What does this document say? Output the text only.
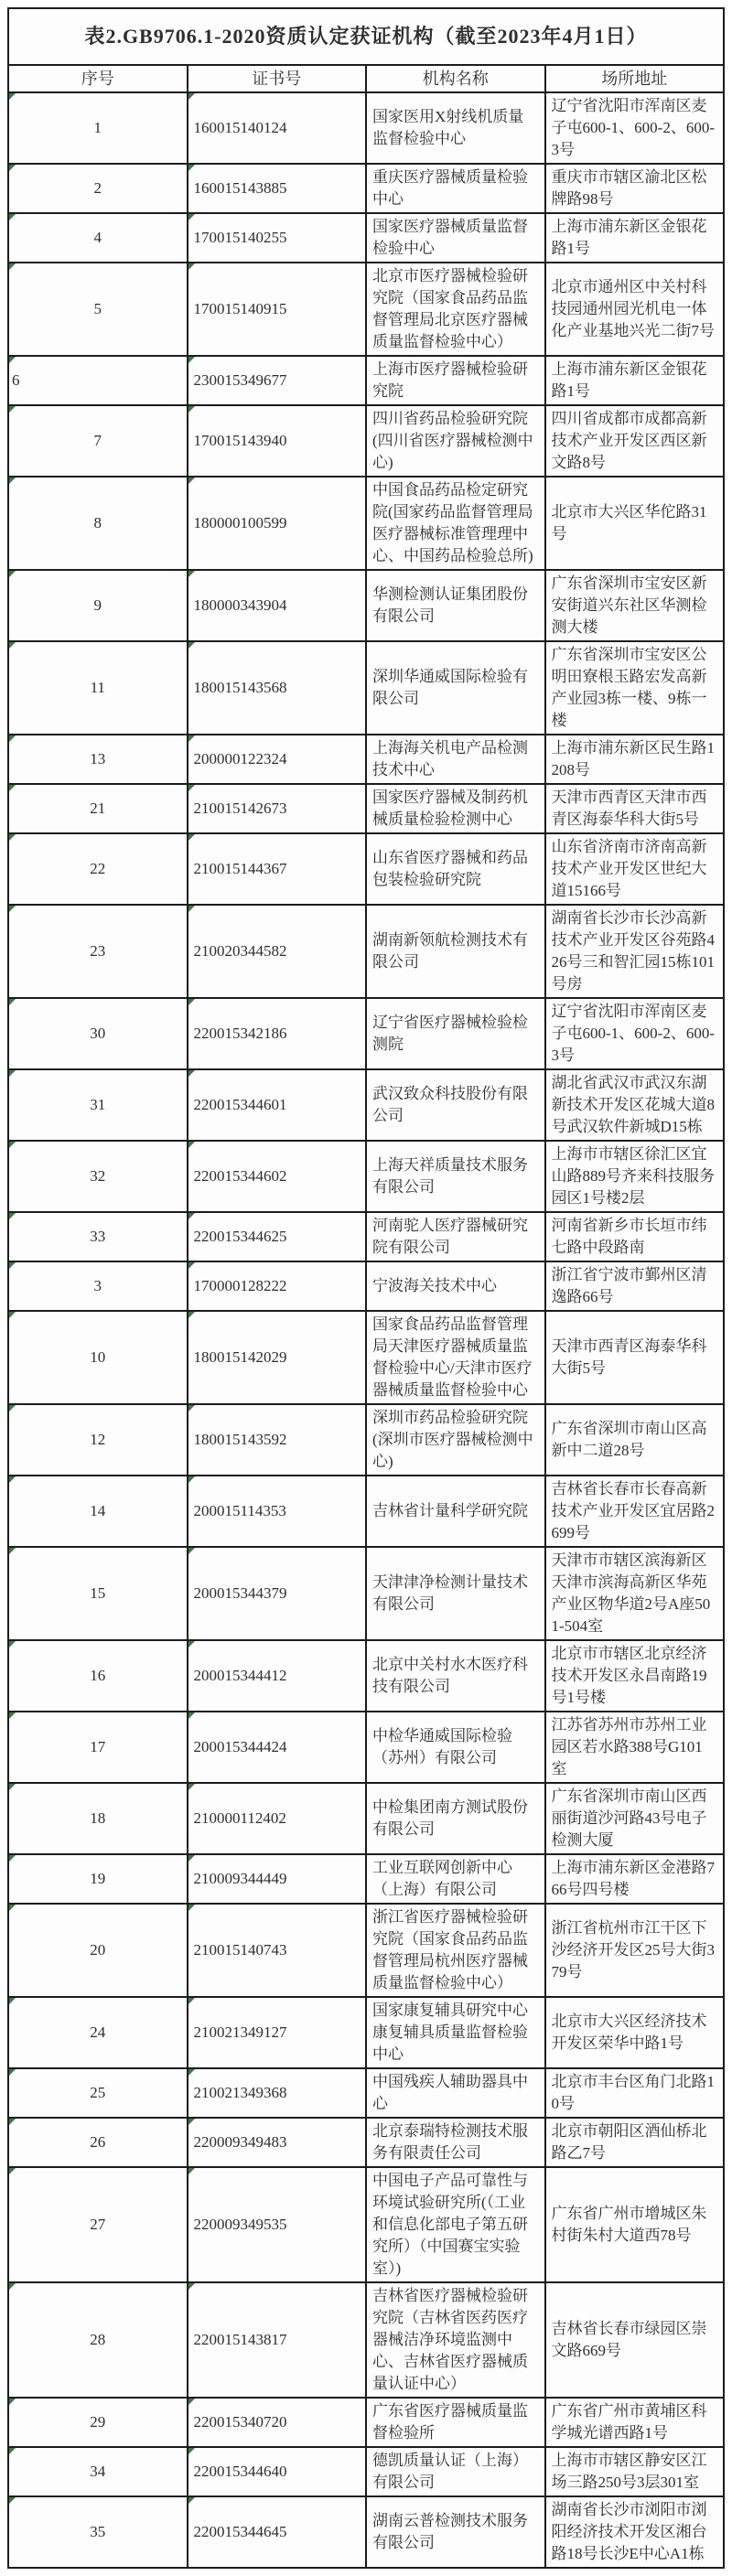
表2.GB9706.1-2020资质认定获证机构（截至2023年4月1日）			
序号	证书号	机构名称	场所地址
1	160015140124	国家医用X射线机质量监督检验中心	辽宁省沈阳市浑南区麦子屯600-1、600-2、600-3号
2	160015143885	重庆医疗器械质量检验中心	重庆市市辖区渝北区松牌路98号
4	170015140255	国家医疗器械质量监督检验中心	上海市浦东新区金银花路1号
5	170015140915	北京市医疗器械检验研究院（国家食品药品监督管理局北京医疗器械质量监督检验中心）	北京市通州区中关村科技园通州园光机电一体化产业基地兴光二街7号
6	230015349677	上海市医疗器械检验研究院	上海市浦东新区金银花路1号
7	170015143940	四川省药品检验研究院(四川省医疗器械检测中心)	四川省成都市成都高新技术产业开发区西区新文路8号
8	180000100599	中国食品药品检定研究院(国家药品监督管理局医疗器械标准管理理中心、中国药品检验总所)	北京市大兴区华佗路31号
9	180000343904	华测检测认证集团股份有限公司	广东省深圳市宝安区新安街道兴东社区华测检测大楼
11	180015143568	深圳华通威国际检验有限公司	广东省深圳市宝安区公明田寮根玉路宏发高新产业园3栋一楼、9栋一楼
13	200000122324	上海海关机电产品检测技术中心	上海市浦东新区民生路1208号
21	210015142673	国家医疗器械及制药机械质量检验检测中心	天津市西青区天津市西青区海泰华科大街5号
22	210015144367	山东省医疗器械和药品包装检验研究院	山东省济南市济南高新技术产业开发区世纪大道15166号
23	210020344582	湖南新领航检测技术有限公司	湖南省长沙市长沙高新技术产业开发区谷苑路426号三和智汇园15栋101号房
30	220015342186	辽宁省医疗器械检验检测院	辽宁省沈阳市浑南区麦子屯600-1、600-2、600-3号
31	220015344601	武汉致众科技股份有限公司	湖北省武汉市武汉东湖新技术开发区花城大道8号武汉软件新城D15栋
32	220015344602	上海天祥质量技术服务有限公司	上海市市辖区徐汇区宜山路889号齐来科技服务园区1号楼2层
33	220015344625	河南驼人医疗器械研究院有限公司	河南省新乡市长垣市纬七路中段路南
3	170000128222	宁波海关技术中心	浙江省宁波市鄞州区清逸路66号
10	180015142029	国家食品药品监督管理局天津医疗器械质量监督检验中心/天津市医疗器械质量监督检验中心	天津市西青区海泰华科大街5号
12	180015143592	深圳市药品检验研究院(深圳市医疗器械检测中心)	广东省深圳市南山区高新中二道28号
14	200015114353	吉林省计量科学研究院	吉林省长春市长春高新技术产业开发区宜居路2699号
15	200015344379	天津津净检测计量技术有限公司	天津市市辖区滨海新区天津市滨海高新区华苑产业区物华道2号A座501-504室
16	200015344412	北京中关村水木医疗科技有限公司	北京市市辖区北京经济技术开发区永昌南路19号1号楼
17	200015344424	中检华通威国际检验（苏州）有限公司	江苏省苏州市苏州工业园区若水路388号G101室
18	210000112402	中检集团南方测试股份有限公司	广东省深圳市南山区西丽街道沙河路43号电子检测大厦
19	210009344449	工业互联网创新中心（上海）有限公司	上海市浦东新区金港路766号四号楼
20	210015140743	浙江省医疗器械检验研究院（国家食品药品监督管理局杭州医疗器械质量监督检验中心）	浙江省杭州市江干区下沙经济开发区25号大街379号
24	210021349127	国家康复辅具研究中心康复辅具质量监督检验中心	北京市大兴区经济技术开发区荣华中路1号
25	210021349368	中国残疾人辅助器具中心	北京市丰台区角门北路10号
26	220009349483	北京泰瑞特检测技术服务有限责任公司	北京市朝阳区酒仙桥北路乙7号
27	220009349535	中国电子产品可靠性与环境试验研究所(（工业和信息化部电子第五研究所）（中国赛宝实验室）)	广东省广州市增城区朱村街朱村大道西78号
28	220015143817	吉林省医疗器械检验研究院（吉林省医药医疗器械洁净环境监测中心、吉林省医疗器械质量认证中心）	吉林省长春市绿园区崇文路669号
29	220015340720	广东省医疗器械质量监督检验所	广东省广州市黄埔区科学城光谱西路1号
34	220015344640	德凯质量认证（上海）有限公司	上海市市辖区静安区江场三路250号3层301室
35	220015344645	湖南云普检测技术服务有限公司	湖南省长沙市浏阳市浏阳经济技术开发区湘台路18号长沙E中心A1栋
